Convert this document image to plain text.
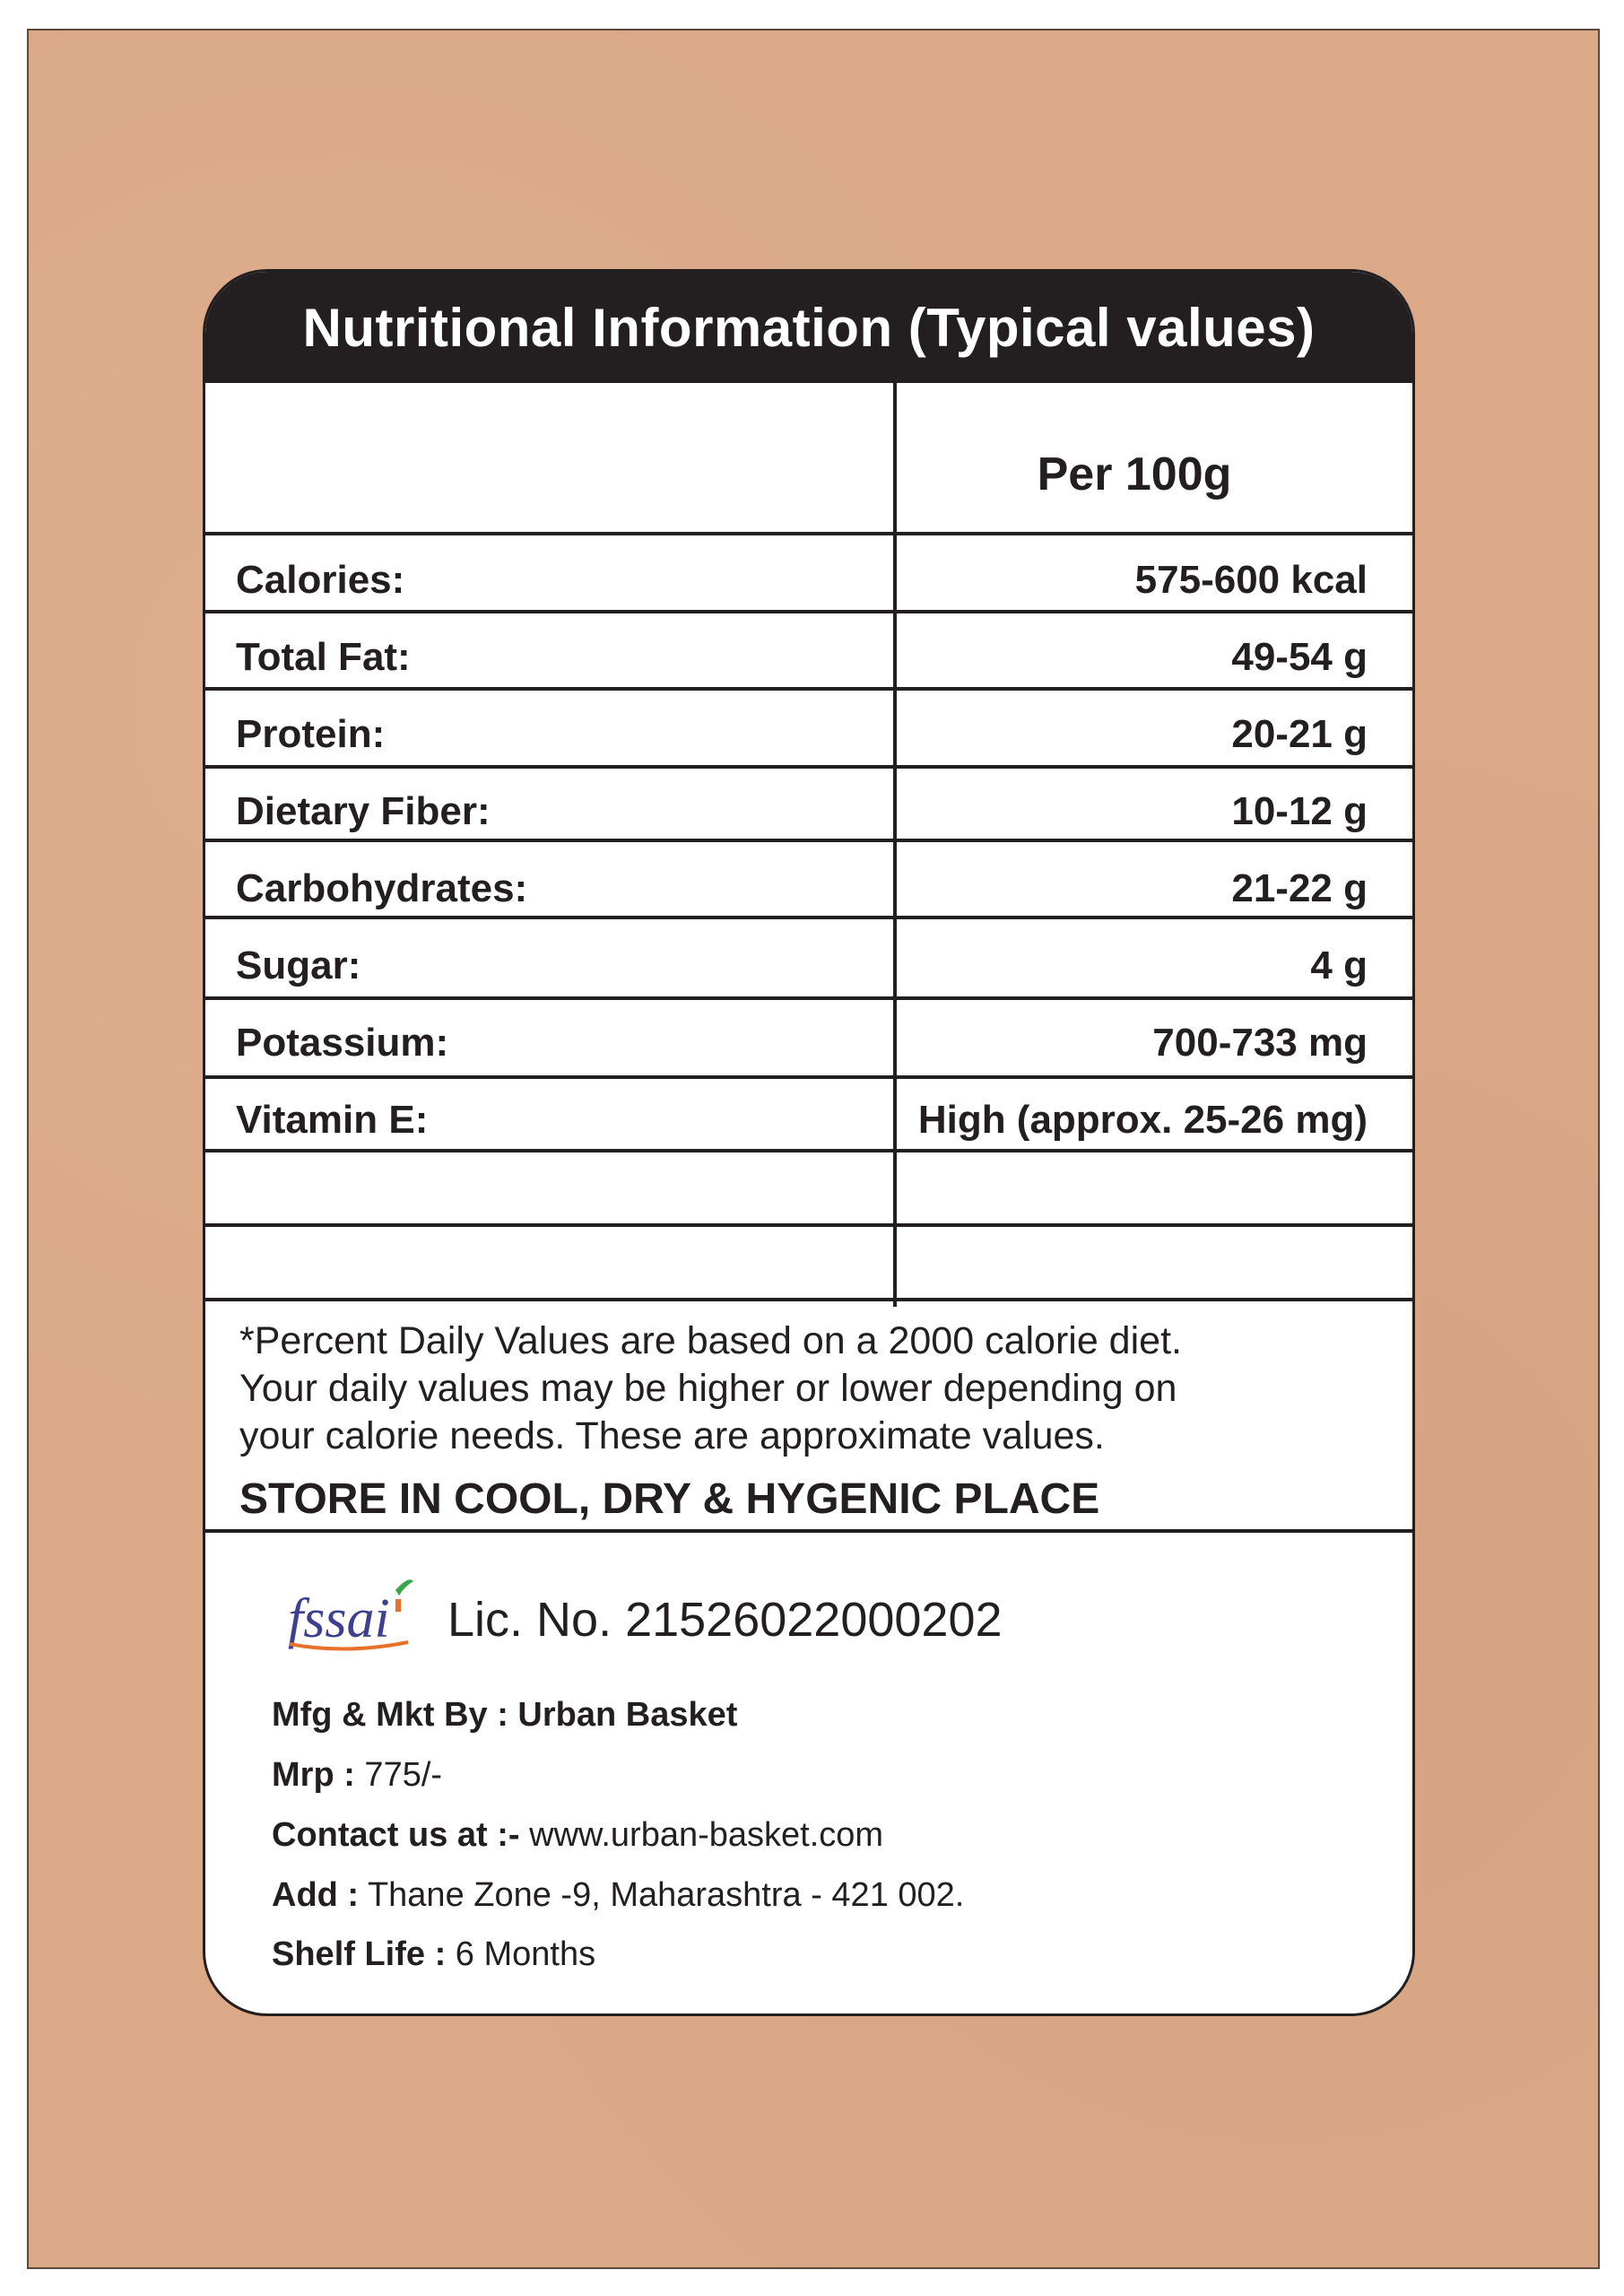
Nutritional Information (Typical values)
Per 100g
Calories:	575-600 kcal
Total Fat:	49-54 g
Protein:	20-21 g
Dietary Fiber:	10-12 g
Carbohydrates:	21-22 g
Sugar:	4 g
Potassium:	700-733 mg
Vitamin E:	High (approx. 25-26 mg)
*Percent Daily Values are based on a 2000 calorie diet.
Your daily values may be higher or lower depending on
your calorie needs. These are approximate values.
STORE IN COOL, DRY & HYGENIC PLACE
fssai Lic. No. 21526022000202
Mfg & Mkt By : Urban Basket
Mrp : 775/-
Contact us at :- www.urban-basket.com
Add : Thane Zone -9, Maharashtra - 421 002.
Shelf Life : 6 Months
